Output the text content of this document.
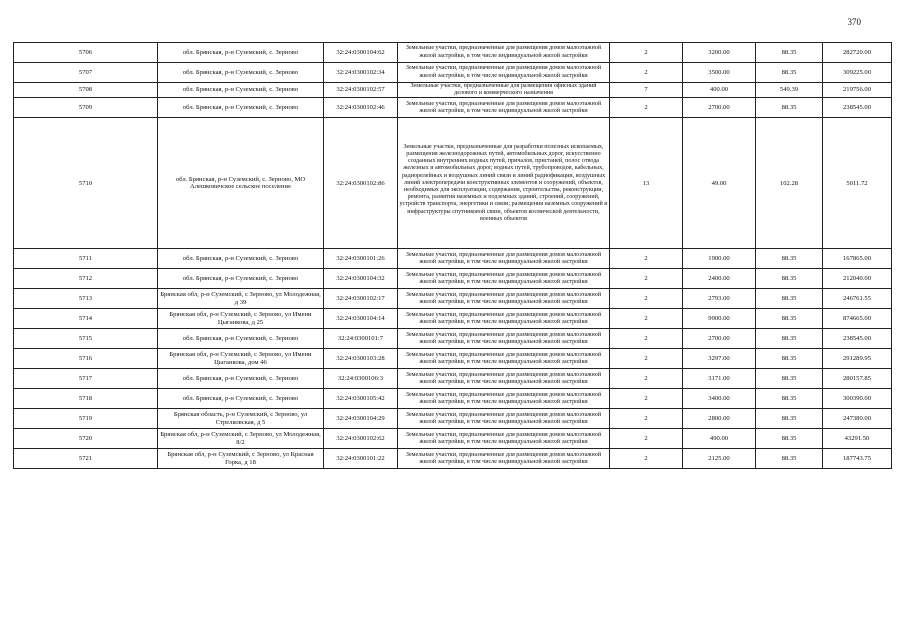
370
5706	обл. Брянская, р-н Суземский, с. Зерново	32:24:0300104:62	Земельные участки, предназначенные для размещения домов малоэтажной жилой застройки, в том числе индивидуальной жилой застройки	2	3200.00	88.35	282720.00
5707	обл. Брянская, р-н Суземский, с. Зерново	32:24:0300102:34	Земельные участки, предназначенные для размещения домов малоэтажной жилой застройки, в том числе индивидуальной жилой застройки	2	3500.00	88.35	309225.00
5708	обл. Брянская, р-н Суземский, с. Зерново	32:24:0300102:57	Земельные участки, предназначенные для размещения офисных зданий делового и коммерческого назначения	7	400.00	549.39	219756.00
5709	обл. Брянская, р-н Суземский, с. Зерново	32:24:0300102:46	Земельные участки, предназначенные для размещения домов малоэтажной жилой застройки, в том числе индивидуальной жилой застройки	2	2700.00	88.35	238545.00
5710	обл. Брянская, р-н Суземский, с. Зерново, МО Алешковичское сельское поселение	32:24:0300102:86	Земельные участки, предназначенные для разработки полезных ископаемых, размещения железнодорожных путей, автомобильных дорог, искусственно созданных внутренних водных путей, причалов, пристаней, полос отвода железных и автомобильных дорог, водных путей, трубопроводов, кабельных, радиорелейных и воздушных линий связи и линий радиофикации, воздушных линий электропередачи конструктивных элементов и сооружений, объектов, необходимых для эксплуатации, содержания, строительства, реконструкции, ремонта, развития наземных и подземных зданий, строений, сооружений, устройств транспорта, энергетики и связи; размещения наземных сооружений и инфраструктуры спутниковой связи, объектов космической деятельности, военных объектов	13	49.00	102.28	5011.72
5711	обл. Брянская, р-н Суземский, с. Зерново	32:24:0300101:26	Земельные участки, предназначенные для размещения домов малоэтажной жилой застройки, в том числе индивидуальной жилой застройки	2	1900.00	88.35	167865.00
5712	обл. Брянская, р-н Суземский, с. Зерново	32:24:0300104:32	Земельные участки, предназначенные для размещения домов малоэтажной жилой застройки, в том числе индивидуальной жилой застройки	2	2400.00	88.35	212040.00
5713	Брянская обл, р-н Суземский, с Зерново, ул Молодежная, д 39	32:24:0300102:17	Земельные участки, предназначенные для размещения домов малоэтажной жилой застройки, в том числе индивидуальной жилой застройки	2	2793.00	88.35	246761.55
5714	Брянская обл, р-н Суземский, с Зерново, ул Имени Цыганкова, д 25	32:24:0300104:14	Земельные участки, предназначенные для размещения домов малоэтажной жилой застройки, в том числе индивидуальной жилой застройки	2	9900.00	88.35	874665.00
5715	обл. Брянская, р-н Суземский, с. Зерново	32:24:0300101:7	Земельные участки, предназначенные для размещения домов малоэтажной жилой застройки, в том числе индивидуальной жилой застройки	2	2700.00	88.35	238545.00
5716	Брянская обл, р-н Суземский, с Зерново, ул Имени Цыганкова, дом 46	32:24:0300103:28	Земельные участки, предназначенные для размещения домов малоэтажной жилой застройки, в том числе индивидуальной жилой застройки	2	3297.00	88.35	291289.95
5717	обл. Брянская, р-н Суземский, с. Зерново	32:24:0300106:3	Земельные участки, предназначенные для размещения домов малоэтажной жилой застройки, в том числе индивидуальной жилой застройки	2	3171.00	88.35	280157.85
5718	обл. Брянская, р-н Суземский, с. Зерново	32:24:0300105:42	Земельные участки, предназначенные для размещения домов малоэтажной жилой застройки, в том числе индивидуальной жилой застройки	2	3400.00	88.35	300390.00
5719	Брянская область, р-н Суземский, с Зерново, ул Стрелковская, д 5	32:24:0300104:29	Земельные участки, предназначенные для размещения домов малоэтажной жилой застройки, в том числе индивидуальной жилой застройки	2	2800.00	88.35	247380.00
5720	Брянская обл, р-н Суземский, с Зерново, ул Молодежная, 8/2	32:24:0300102:62	Земельные участки, предназначенные для размещения домов малоэтажной жилой застройки, в том числе индивидуальной жилой застройки	2	490.00	88.35	43291.50
5721	Брянская обл, р-н Суземский, с Зерново, ул Красная Горка, д 18	32:24:0300101:22	Земельные участки, предназначенные для размещения домов малоэтажной жилой застройки, в том числе индивидуальной жилой застройки	2	2125.00	88.35	187743.75
